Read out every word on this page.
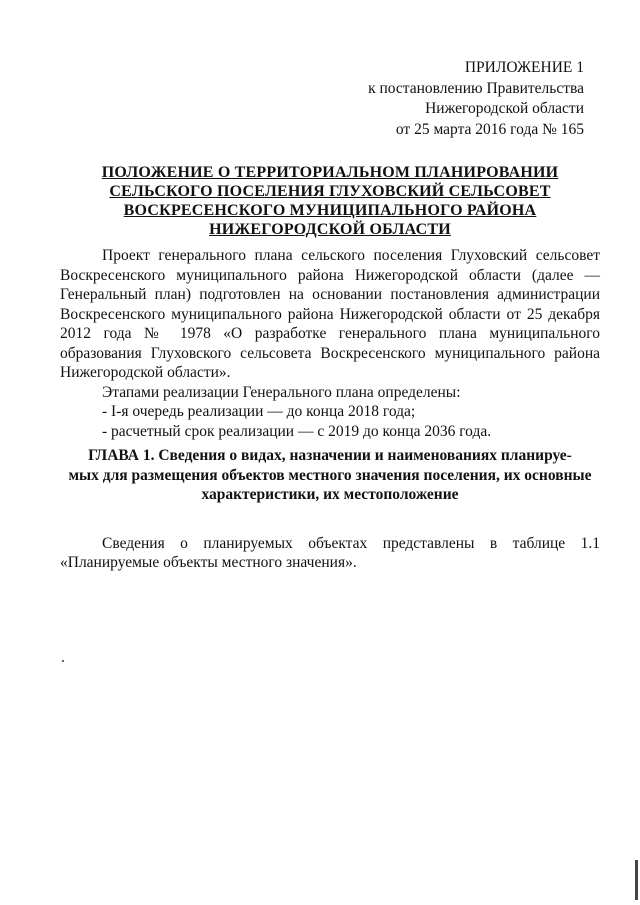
ПРИЛОЖЕНИЕ 1
к постановлению Правительства
Нижегородской области
от 25 марта 2016 года № 165
ПОЛОЖЕНИЕ О ТЕРРИТОРИАЛЬНОМ ПЛАНИРОВАНИИ
СЕЛЬСКОГО ПОСЕЛЕНИЯ ГЛУХОВСКИЙ СЕЛЬСОВЕТ
ВОСКРЕСЕНСКОГО МУНИЦИПАЛЬНОГО РАЙОНА
НИЖЕГОРОДСКОЙ ОБЛАСТИ

Проект генерального плана сельского поселения Глуховский сельсовет Воскресенского муниципального района Нижегородской области (далее — Генеральный план) подготовлен на основании постановления администрации Воскресенского муниципального района Нижегородской области от 25 декабря 2012 года № 1978 «О разработке генерального плана муниципального образования Глуховского сельсовета Воскресенского муниципального района Нижегородской области».

Этапами реализации Генерального плана определены:

- I-я очередь реализации — до конца 2018 года;

- расчетный срок реализации — с 2019 до конца 2036 года.

ГЛАВА 1. Сведения о видах, назначении и наименованиях планируе-
мых для размещения объектов местного значения поселения, их основные
характеристики, их местоположение

Сведения о планируемых объектах представлены в таблице 1.1 «Планируемые объекты местного значения».
